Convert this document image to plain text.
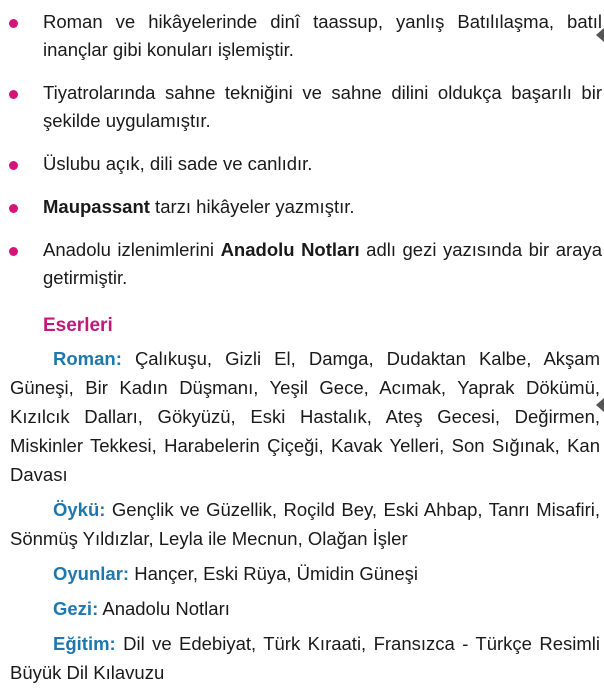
Roman ve hikâyelerinde dinî taassup, yanlış Batılılaşma, batıl inançlar gibi konuları işlemiştir.
Tiyatrolarında sahne tekniğini ve sahne dilini oldukça başarılı bir şekilde uygulamıştır.
Üslubu açık, dili sade ve canlıdır.
Maupassant tarzı hikâyeler yazmıştır.
Anadolu izlenimlerini Anadolu Notları adlı gezi yazısında bir araya getirmiştir.
Eserleri
Roman: Çalıkuşu, Gizli El, Damga, Dudaktan Kalbe, Akşam Güneşi, Bir Kadın Düşmanı, Yeşil Gece, Acımak, Yaprak Dökümü, Kızılcık Dalları, Gökyüzü, Eski Hastalık, Ateş Gecesi, Değirmen, Miskinler Tekkesi, Harabelerin Çiçeği, Kavak Yelleri, Son Sığınak, Kan Davası
Öykü: Gençlik ve Güzellik, Roçild Bey, Eski Ahbap, Tanrı Misafiri, Sönmüş Yıldızlar, Leyla ile Mecnun, Olağan İşler
Oyunlar: Hançer, Eski Rüya, Ümidin Güneşi
Gezi: Anadolu Notları
Eğitim: Dil ve Edebiyat, Türk Kıraati, Fransızca - Türkçe Resimli Büyük Dil Kılavuzu
